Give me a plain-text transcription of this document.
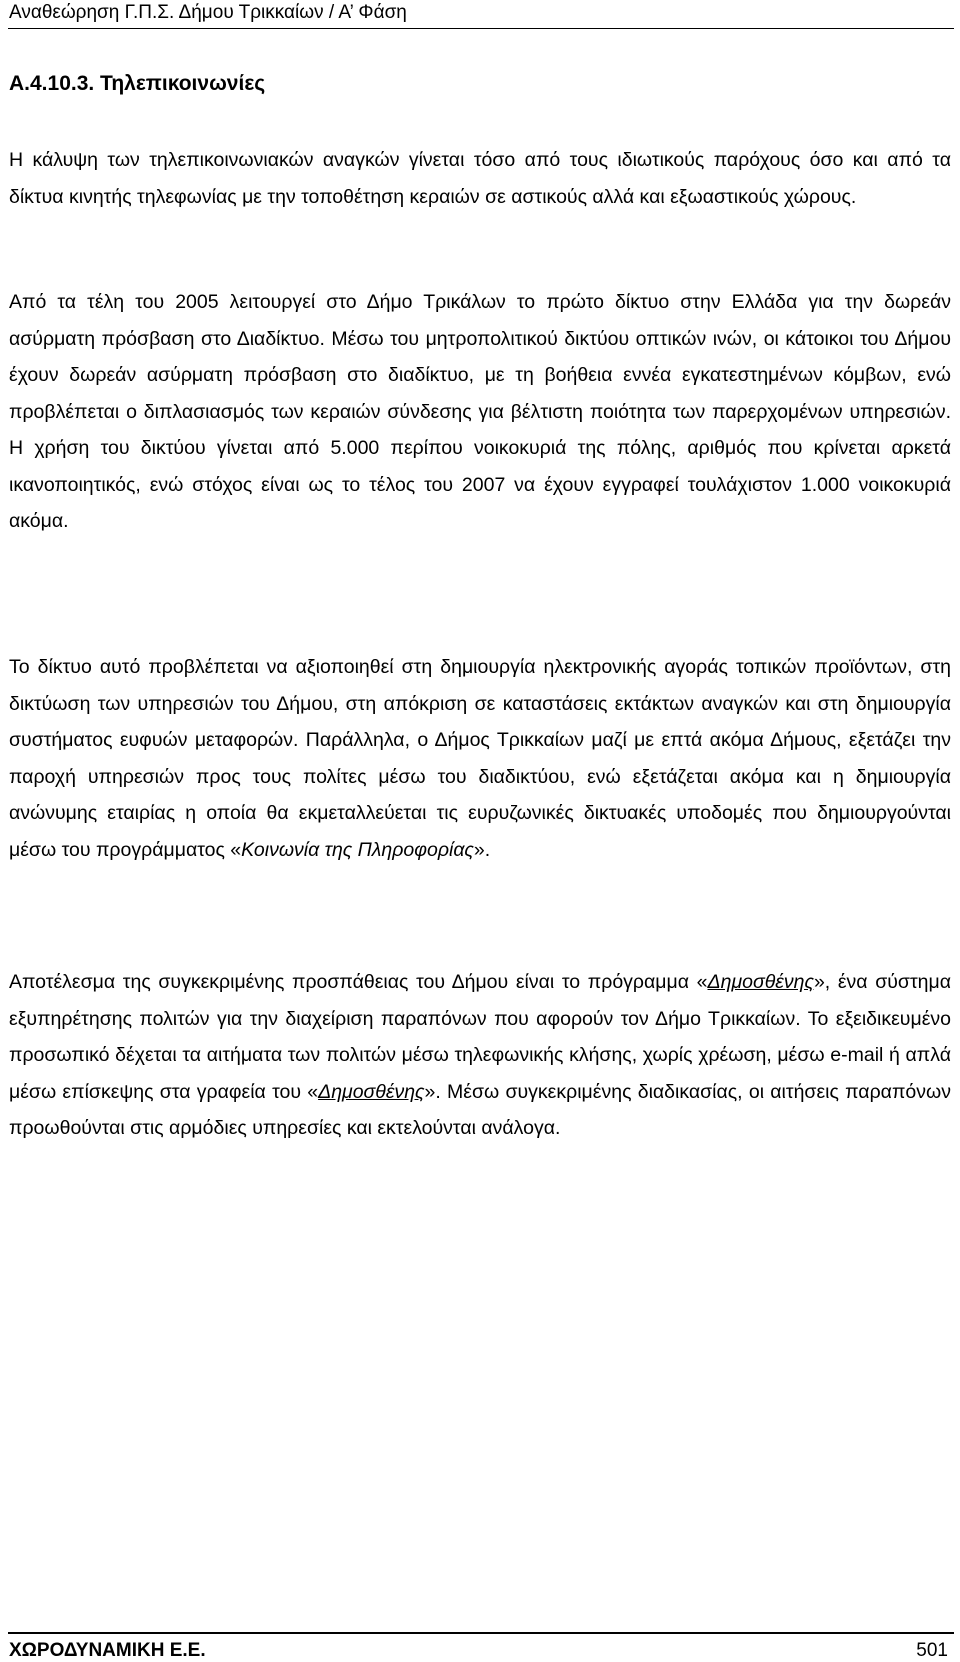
Αναθεώρηση Γ.Π.Σ. Δήμου Τρικκαίων / Α’ Φάση
Α.4.10.3. Τηλεπικοινωνίες

Η κάλυψη των τηλεπικοινωνιακών αναγκών γίνεται τόσο από τους ιδιωτικούς παρόχους όσο και από τα δίκτυα κινητής τηλεφωνίας με την τοποθέτηση κεραιών σε αστικούς αλλά και εξωαστικούς χώρους.

Από τα τέλη του 2005 λειτουργεί στο Δήμο Τρικάλων το πρώτο δίκτυο στην Ελλάδα για την δωρεάν ασύρματη πρόσβαση στο Διαδίκτυο. Μέσω του μητροπολιτικού δικτύου οπτικών ινών, οι κάτοικοι του Δήμου έχουν δωρεάν ασύρματη πρόσβαση στο διαδίκτυο, με τη βοήθεια εννέα εγκατεστημένων κόμβων, ενώ προβλέπεται ο διπλασιασμός των κεραιών σύνδεσης για βέλτιστη ποιότητα των παρερχομένων υπηρεσιών. Η χρήση του δικτύου γίνεται από 5.000 περίπου νοικοκυριά της πόλης, αριθμός που κρίνεται αρκετά ικανοποιητικός, ενώ στόχος είναι ως το τέλος του 2007 να έχουν εγγραφεί τουλάχιστον 1.000 νοικοκυριά ακόμα.

Το δίκτυο αυτό προβλέπεται να αξιοποιηθεί στη δημιουργία ηλεκτρονικής αγοράς τοπικών προϊόντων, στη δικτύωση των υπηρεσιών του Δήμου, στη απόκριση σε καταστάσεις εκτάκτων αναγκών και στη δημιουργία συστήματος ευφυών μεταφορών. Παράλληλα, ο Δήμος Τρικκαίων μαζί με επτά ακόμα Δήμους, εξετάζει την παροχή υπηρεσιών προς τους πολίτες μέσω του διαδικτύου, ενώ εξετάζεται ακόμα και η δημιουργία ανώνυμης εταιρίας η οποία θα εκμεταλλεύεται τις ευρυζωνικές δικτυακές υποδομές που δημιουργούνται μέσω του προγράμματος «Κοινωνία της Πληροφορίας».

Αποτέλεσμα της συγκεκριμένης προσπάθειας του Δήμου είναι το πρόγραμμα «Δημοσθένης», ένα σύστημα εξυπηρέτησης πολιτών για την διαχείριση παραπόνων που αφορούν τον Δήμο Τρικκαίων. Το εξειδικευμένο προσωπικό δέχεται τα αιτήματα των πολιτών μέσω τηλεφωνικής κλήσης, χωρίς χρέωση, μέσω e-mail ή απλά μέσω επίσκεψης στα γραφεία του «Δημοσθένης». Μέσω συγκεκριμένης διαδικασίας, οι αιτήσεις παραπόνων προωθούνται στις αρμόδιες υπηρεσίες και εκτελούνται ανάλογα.

ΧΩΡΟΔΥΝΑΜΙΚΗ Ε.Ε.	501
